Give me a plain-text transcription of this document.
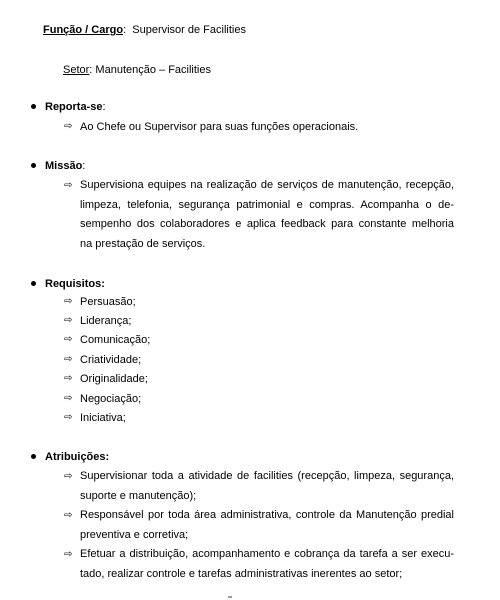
Função / Cargo: Supervisor de Facilities
Setor: Manutenção – Facilities
Reporta-se:
⇨ Ao Chefe ou Supervisor para suas funções operacionais.
Missão:
⇨ Supervisiona equipes na realização de serviços de manutenção, recepção,
limpeza, telefonia, segurança patrimonial e compras. Acompanha o de-
sempenho dos colaboradores e aplica feedback para constante melhoria
na prestação de serviços.
Requisitos:
⇨ Persuasão;
⇨ Liderança;
⇨ Comunicação;
⇨ Criatividade;
⇨ Originalidade;
⇨ Negociação;
⇨ Iniciativa;
Atribuições:
⇨ Supervisionar toda a atividade de facilities (recepção, limpeza, segurança,
suporte e manutenção);
⇨ Responsável por toda área administrativa, controle da Manutenção predial
preventiva e corretiva;
⇨ Efetuar a distribuição, acompanhamento e cobrança da tarefa a ser execu-
tado, realizar controle e tarefas administrativas inerentes ao setor;
